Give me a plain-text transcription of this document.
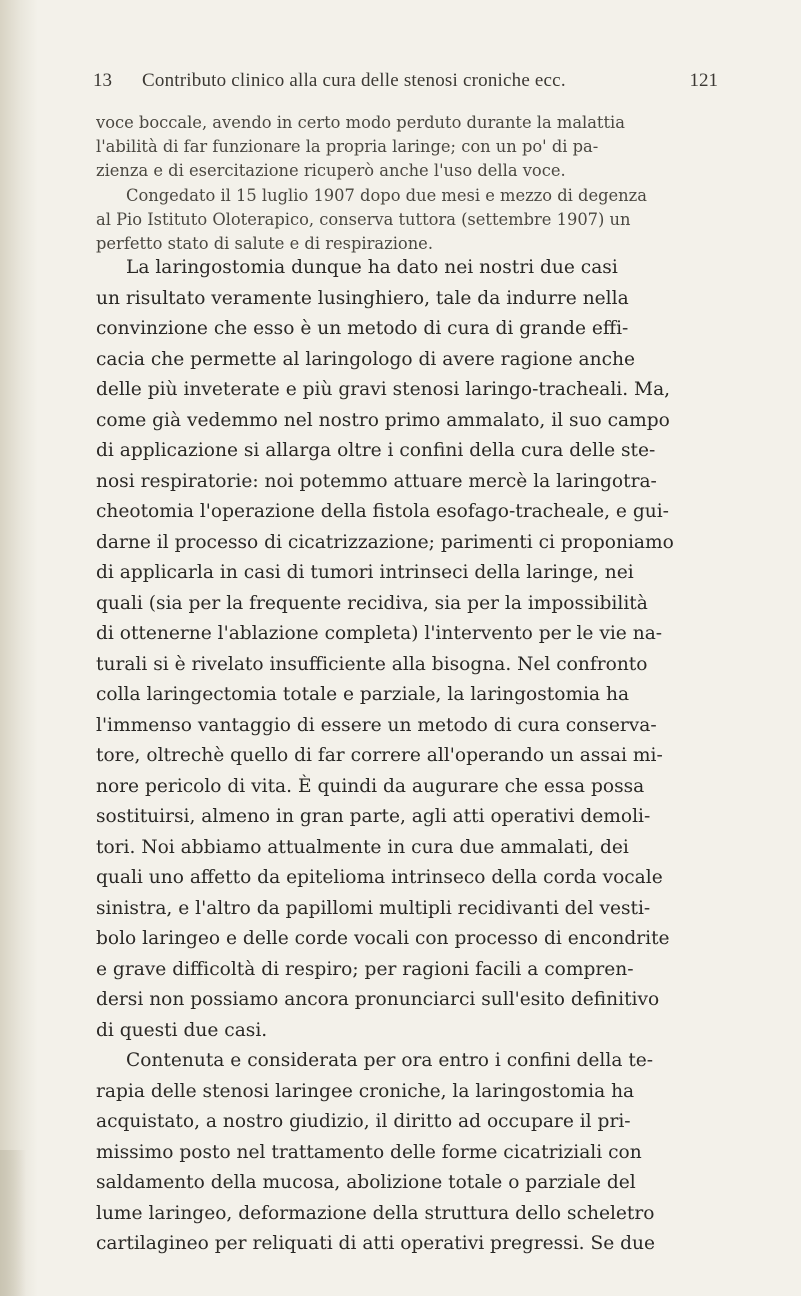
13 Contributo clinico alla cura delle stenosi croniche ecc.	121
voce boccale, avendo in certo modo perduto durante la malattia
l'abilità di far funzionare la propria laringe; con un po' di pa-
zienza e di esercitazione ricuperò anche l'uso della voce.
Congedato il 15 luglio 1907 dopo due mesi e mezzo di degenza
al Pio Istituto Oloterapico, conserva tuttora (settembre 1907) un
perfetto stato di salute e di respirazione.
La laringostomia dunque ha dato nei nostri due casi
un risultato veramente lusinghiero, tale da indurre nella
convinzione che esso è un metodo di cura di grande effi-
cacia che permette al laringologo di avere ragione anche
delle più inveterate e più gravi stenosi laringo-tracheali. Ma,
come già vedemmo nel nostro primo ammalato, il suo campo
di applicazione si allarga oltre i confini della cura delle ste-
nosi respiratorie: noi potemmo attuare mercè la laringotra-
cheotomia l'operazione della fistola esofago-tracheale, e gui-
darne il processo di cicatrizzazione; parimenti ci proponiamo
di applicarla in casi di tumori intrinseci della laringe, nei
quali (sia per la frequente recidiva, sia per la impossibilità
di ottenerne l'ablazione completa) l'intervento per le vie na-
turali si è rivelato insufficiente alla bisogna. Nel confronto
colla laringectomia totale e parziale, la laringostomia ha
l'immenso vantaggio di essere un metodo di cura conserva-
tore, oltrechè quello di far correre all'operando un assai mi-
nore pericolo di vita. È quindi da augurare che essa possa
sostituirsi, almeno in gran parte, agli atti operativi demoli-
tori. Noi abbiamo attualmente in cura due ammalati, dei
quali uno affetto da epitelioma intrinseco della corda vocale
sinistra, e l'altro da papillomi multipli recidivanti del vesti-
bolo laringeo e delle corde vocali con processo di encondrite
e grave difficoltà di respiro; per ragioni facili a compren-
dersi non possiamo ancora pronunciarci sull'esito definitivo
di questi due casi.
Contenuta e considerata per ora entro i confini della te-
rapia delle stenosi laringee croniche, la laringostomia ha
acquistato, a nostro giudizio, il diritto ad occupare il pri-
missimo posto nel trattamento delle forme cicatriziali con
saldamento della mucosa, abolizione totale o parziale del
lume laringeo, deformazione della struttura dello scheletro
cartilagineo per reliquati di atti operativi pregressi. Se due
